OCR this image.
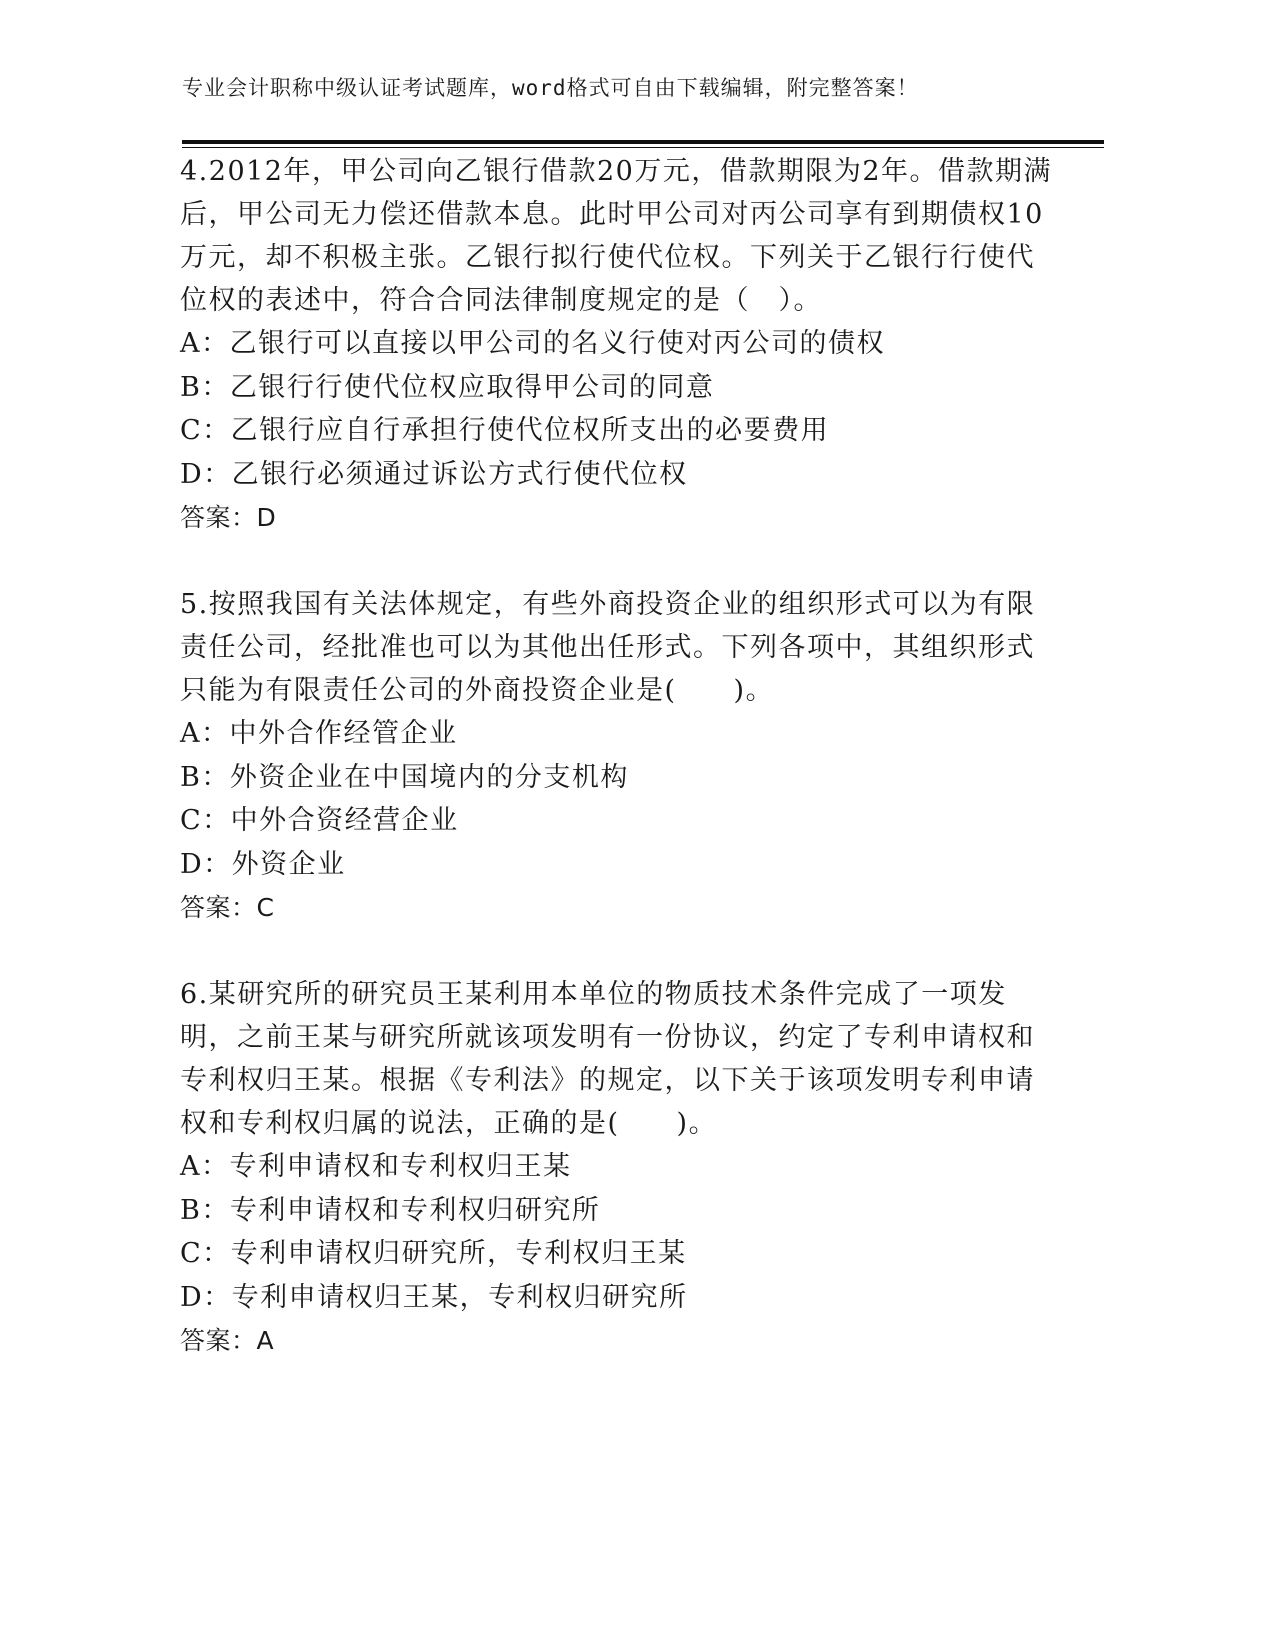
专业会计职称中级认证考试题库，word格式可自由下载编辑，附完整答案！

4.2012年，甲公司向乙银行借款20万元，借款期限为2年。借款期满后，甲公司无力偿还借款本息。此时甲公司对丙公司享有到期债权10万元，却不积极主张。乙银行拟行使代位权。下列关于乙银行行使代位权的表述中，符合合同法律制度规定的是（　）。

A：乙银行可以直接以甲公司的名义行使对丙公司的债权

B：乙银行行使代位权应取得甲公司的同意

C：乙银行应自行承担行使代位权所支出的必要费用

D：乙银行必须通过诉讼方式行使代位权

答案：D

5.按照我国有关法体规定，有些外商投资企业的组织形式可以为有限责任公司，经批准也可以为其他出任形式。下列各项中，其组织形式只能为有限责任公司的外商投资企业是(　　)。

A：中外合作经管企业

B：外资企业在中国境内的分支机构

C：中外合资经营企业

D：外资企业

答案：C

6.某研究所的研究员王某利用本单位的物质技术条件完成了一项发明，之前王某与研究所就该项发明有一份协议，约定了专利申请权和专利权归王某。根据《专利法》的规定，以下关于该项发明专利申请权和专利权归属的说法，正确的是(　　)。

A：专利申请权和专利权归王某

B：专利申请权和专利权归研究所

C：专利申请权归研究所，专利权归王某

D：专利申请权归王某，专利权归研究所

答案：A
